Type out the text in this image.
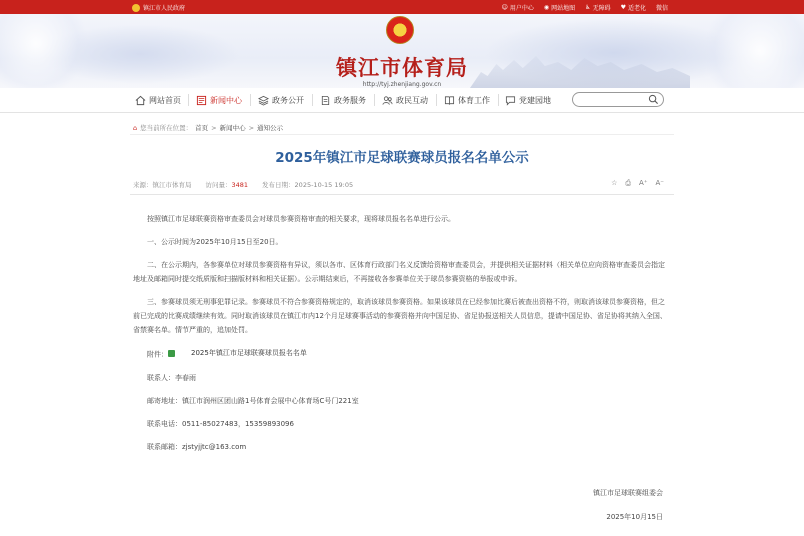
镇江市人民政府	☺ 用户中心 ◉ 网站地图 ♿ 无障碍 ♥ 适老化 微信
镇江市体育局
http://tyj.zhenjiang.gov.cn
网站首页	新闻中心	政务公开	政务服务	政民互动	体育工作	党建园地
⌂ 您当前所在位置： 首页 > 新闻中心 > 通知公示
2025年镇江市足球联赛球员报名名单公示
来源：镇江市体育局 访问量：3481 发布日期：2025-10-15 19:05	☆ ⎙ A⁺ A⁻

按照镇江市足球联赛资格审查委员会对球员参赛资格审查的相关要求，现将球员报名名单进行公示。

一、公示时间为2025年10月15日至20日。

二、在公示期内，各参赛单位对球员参赛资格有异议，须以各市、区体育行政部门名义反馈给资格审查委员会，并提供相关证据材料（相关单位应向资格审查委员会指定地址及邮箱同时提交纸质版和扫描版材料和相关证据）。公示期结束后，不再接收各参赛单位关于球员参赛资格的举报或申诉。

三、参赛球员须无刑事犯罪记录。参赛球员不符合参赛资格规定的，取消该球员参赛资格。如果该球员在已经参加比赛后被查出资格不符，则取消该球员参赛资格，但之前已完成的比赛成绩继续有效。同时取消该球员在镇江市内12个月足球赛事活动的参赛资格并向中国足协、省足协报送相关人员信息，提请中国足协、省足协将其纳入全国、省禁赛名单。情节严重的，追加处罚。

附件：	2025年镇江市足球联赛球员报名名单

联系人：李春雨

邮寄地址：镇江市润州区团山路1号体育会展中心体育场C号门221室

联系电话：0511-85027483，15359893096

联系邮箱：zjstyjjtc@163.com

镇江市足球联赛组委会
2025年10月15日
